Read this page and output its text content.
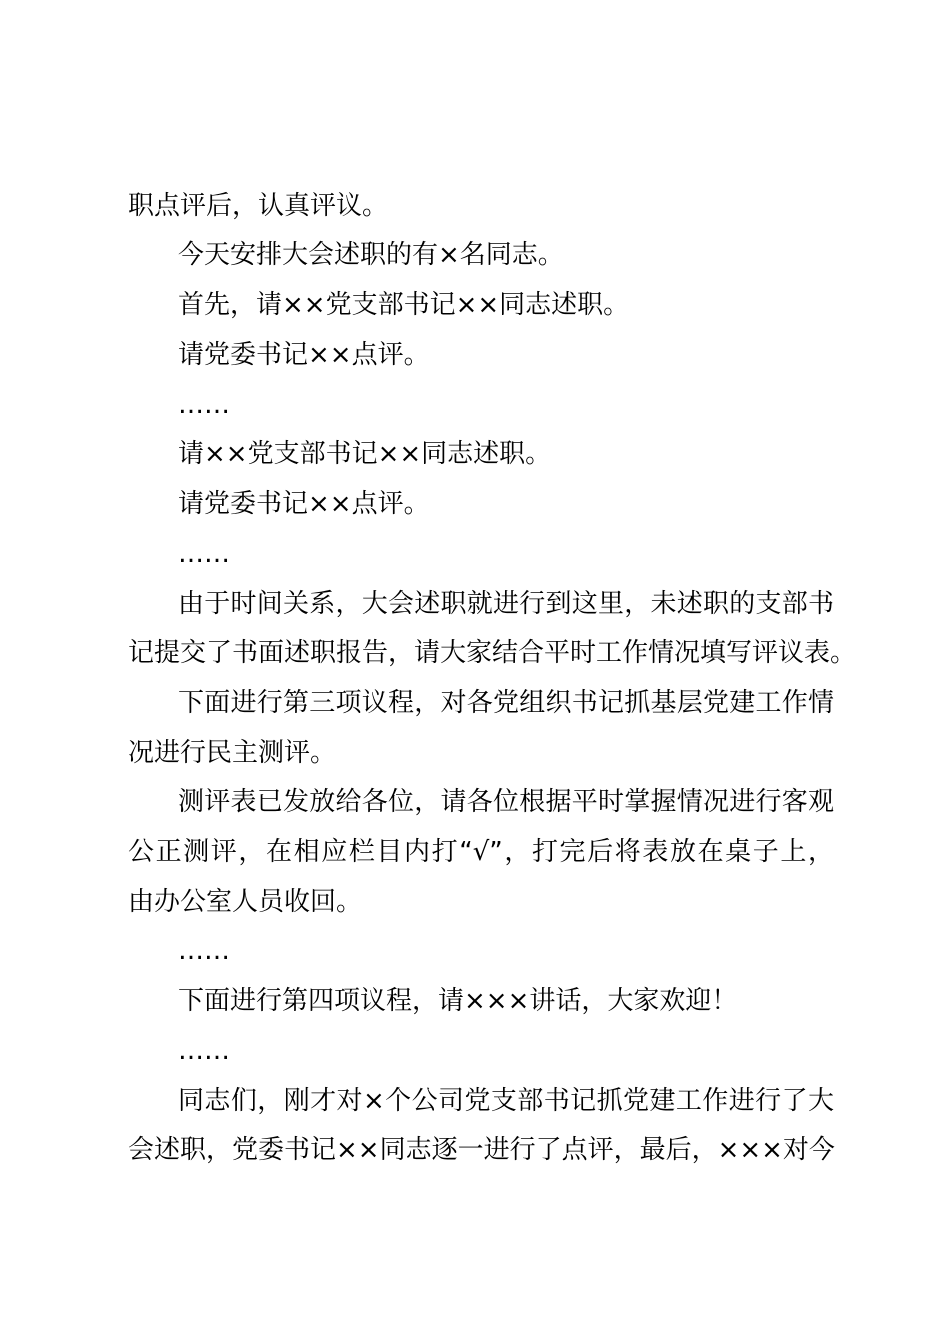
职点评后，认真评议。
今天安排大会述职的有×名同志。
首先，请××党支部书记××同志述职。
请党委书记××点评。
……
请××党支部书记××同志述职。
请党委书记××点评。
……
由于时间关系，大会述职就进行到这里，未述职的支部书
记提交了书面述职报告，请大家结合平时工作情况填写评议表。
下面进行第三项议程，对各党组织书记抓基层党建工作情
况进行民主测评。
测评表已发放给各位，请各位根据平时掌握情况进行客观
公正测评，在相应栏目内打“√”，打完后将表放在桌子上，
由办公室人员收回。
……
下面进行第四项议程，请×××讲话，大家欢迎！
……
同志们，刚才对×个公司党支部书记抓党建工作进行了大
会述职，党委书记××同志逐一进行了点评，最后，×××对今
